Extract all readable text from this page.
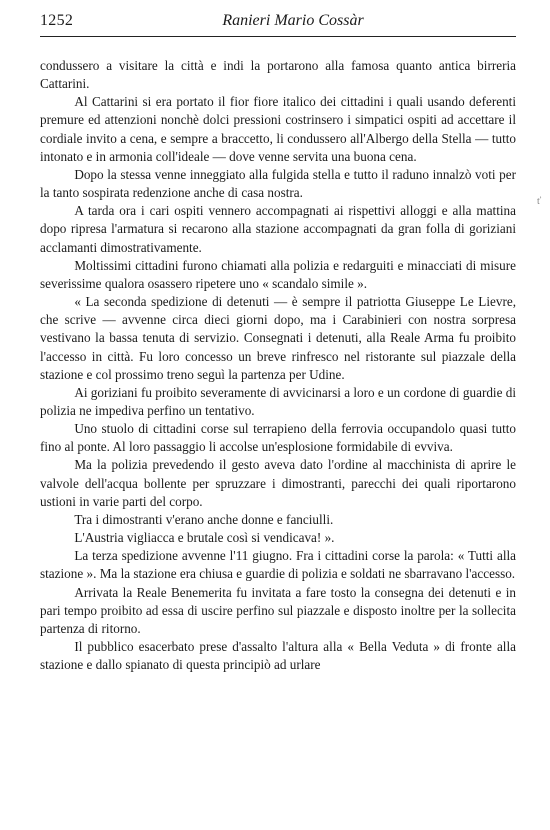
1252	Ranieri Mario Cossàr

condussero a visitare la città e indi la portarono alla famosa quanto antica birreria Cattarini.

Al Cattarini si era portato il fior fiore italico dei cittadini i quali usando deferenti premure ed attenzioni nonchè dolci pressioni costrinsero i simpatici ospiti ad accettare il cordiale invito a cena, e sempre a braccetto, li condussero all'Albergo della Stella — tutto intonato e in armonia coll'ideale — dove venne servita una buona cena.

Dopo la stessa venne inneggiato alla fulgida stella e tutto il raduno innalzò voti per la tanto sospirata redenzione anche di casa nostra.

A tarda ora i cari ospiti vennero accompagnati ai rispettivi alloggi e alla mattina dopo ripresa l'armatura si recarono alla stazione accompagnati da gran folla di goriziani acclamanti dimostrativamente.

Moltissimi cittadini furono chiamati alla polizia e redarguiti e minacciati di misure severissime qualora osassero ripetere uno « scandalo simile ».

« La seconda spedizione di detenuti — è sempre il patriotta Giuseppe Le Lievre, che scrive — avvenne circa dieci giorni dopo, ma i Carabinieri con nostra sorpresa vestivano la bassa tenuta di servizio. Consegnati i detenuti, alla Reale Arma fu proibito l'accesso in città. Fu loro concesso un breve rinfresco nel ristorante sul piazzale della stazione e col prossimo treno seguì la partenza per Udine.

Ai goriziani fu proibito severamente di avvicinarsi a loro e un cordone di guardie di polizia ne impediva perfino un tentativo.

Uno stuolo di cittadini corse sul terrapieno della ferrovia occupandolo quasi tutto fino al ponte. Al loro passaggio li accolse un'esplosione formidabile di evviva.

Ma la polizia prevedendo il gesto aveva dato l'ordine al macchinista di aprire le valvole dell'acqua bollente per spruzzare i dimostranti, parecchi dei quali riportarono ustioni in varie parti del corpo.

Tra i dimostranti v'erano anche donne e fanciulli.

L'Austria vigliacca e brutale così si vendicava! ».

La terza spedizione avvenne l'11 giugno. Fra i cittadini corse la parola: « Tutti alla stazione ». Ma la stazione era chiusa e guardie di polizia e soldati ne sbarravano l'accesso.

Arrivata la Reale Benemerita fu invitata a fare tosto la consegna dei detenuti e in pari tempo proibito ad essa di uscire perfino sul piazzale e disposto inoltre per la sollecita partenza di ritorno.

Il pubblico esacerbato prese d'assalto l'altura alla « Bella Veduta » di fronte alla stazione e dallo spianato di questa principiò ad urlare

ť
